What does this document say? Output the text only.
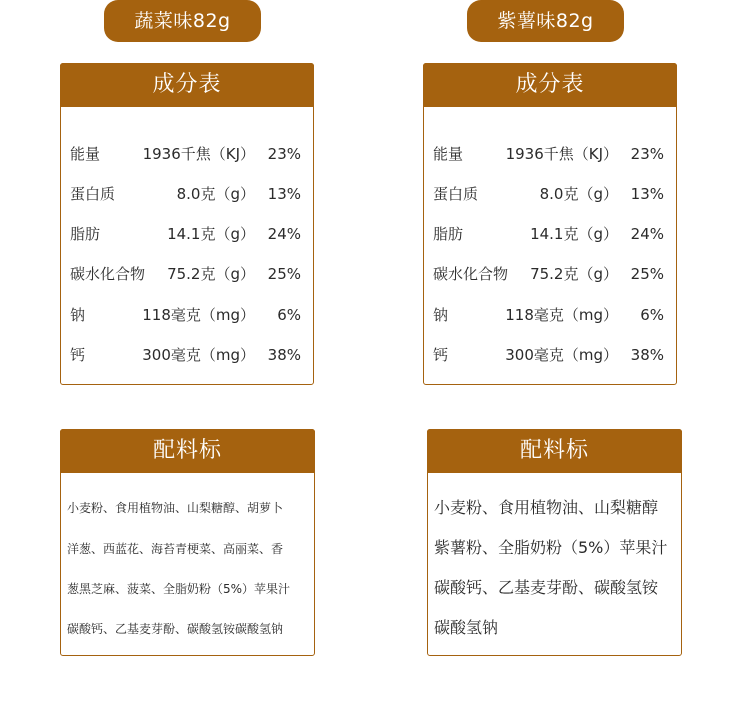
蔬菜味82g
成分表
能量	1936千焦（KJ） 23%
蛋白质	8.0克（g） 13%
脂肪	14.1克（g） 24%
碳水化合物 75.2克（g） 25%
钠	118毫克（mg） 6%
钙	300毫克（mg） 38%
配料标
小麦粉、食用植物油、山梨糖醇、胡萝卜
洋葱、西蓝花、海苔青梗菜、高丽菜、香
葱黑芝麻、菠菜、全脂奶粉（5%）苹果汁
碳酸钙、乙基麦芽酚、碳酸氢铵碳酸氢钠
紫薯味82g
成分表
能量	1936千焦（KJ） 23%
蛋白质	8.0克（g） 13%
脂肪	14.1克（g） 24%
碳水化合物 75.2克（g） 25%
钠	118毫克（mg） 6%
钙	300毫克（mg） 38%
配料标
小麦粉、食用植物油、山梨糖醇
紫薯粉、全脂奶粉（5%）苹果汁
碳酸钙、乙基麦芽酚、碳酸氢铵
碳酸氢钠
